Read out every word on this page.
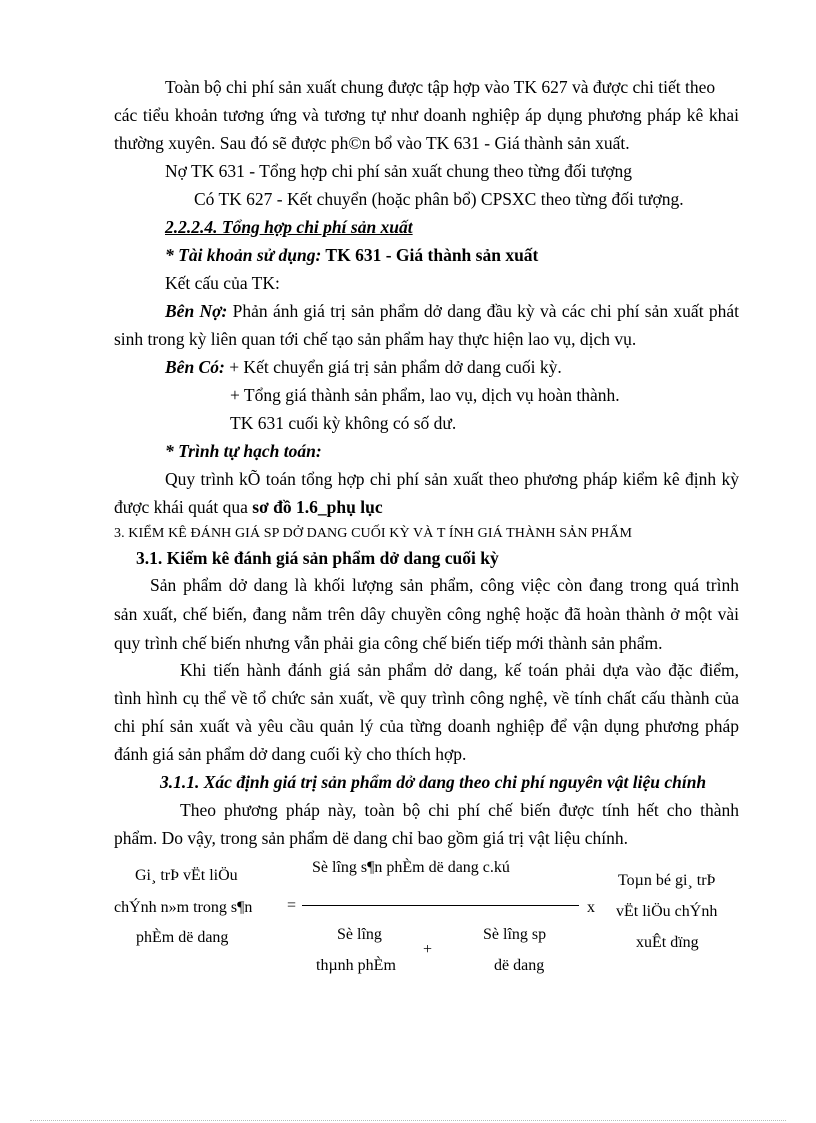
Toàn bộ chi phí sản xuất chung được tập hợp vào TK 627 và được chi tiết theo
các tiểu khoản tương ứng và tương tự như doanh nghiệp áp dụng phương pháp kê khai
thường xuyên. Sau đó sẽ được ph©n bổ vào TK 631 - Giá thành sản xuất.
Nợ TK 631 - Tổng hợp chi phí sản xuất chung theo từng đối tượng
Có TK 627 - Kết chuyển (hoặc phân bổ) CPSXC theo từng đối tượng.
2.2.2.4. Tổng hợp chi phí sản xuất
* Tài khoản sử dụng: TK 631 - Giá thành sản xuất
Kết cấu của TK:
Bên Nợ: Phản ánh giá trị sản phẩm dở dang đầu kỳ và các chi phí sản xuất phát
sinh trong kỳ liên quan tới chế tạo sản phẩm hay thực hiện lao vụ, dịch vụ.
Bên Có: + Kết chuyển giá trị sản phẩm dở dang cuối kỳ.
+ Tổng giá thành sản phẩm, lao vụ, dịch vụ hoàn thành.
TK 631 cuối kỳ không có số dư.
* Trình tự hạch toán:
Quy trình kÕ toán tổng hợp chi phí sản xuất theo phương pháp kiểm kê định kỳ
được khái quát qua sơ đồ 1.6_phụ lục
3. KIỂM KÊ ĐÁNH GIÁ SP DỞ DANG CUỐI KỲ VÀ T ÍNH GIÁ THÀNH SẢN PHẨM
3.1. Kiểm kê đánh giá sản phẩm dở dang cuối kỳ
Sản phẩm dở dang là khối lượng sản phẩm, công việc còn đang trong quá trình
sản xuất, chế biến, đang nằm trên dây chuyền công nghệ hoặc đã hoàn thành ở một vài
quy trình chế biến nhưng vẫn phải gia công chế biến tiếp mới thành sản phẩm.
Khi tiến hành đánh giá sản phẩm dở dang, kế toán phải dựa vào đặc điểm,
tình hình cụ thể về tổ chức sản xuất, về quy trình công nghệ, về tính chất cấu thành của
chi phí sản xuất và yêu cầu quản lý của từng doanh nghiệp để vận dụng phương pháp
đánh giá sản phẩm dở dang cuối kỳ cho thích hợp.
3.1.1. Xác định giá trị sản phẩm dở dang theo chi phí nguyên vật liệu chính
Theo phương pháp này, toàn bộ chi phí chế biến được tính hết cho thành
phẩm. Do vậy, trong sản phẩm dë dang chỉ bao gồm giá trị vật liệu chính.
Gi¸ trÞ vËt liÖu
chÝnh n»m trong s¶n
phÈm dë dang
=
Sè lîng s¶n phÈm dë dang c.kú
Sè lîng
thµnh phÈm
+
Sè lîng sp
dë dang
x
Toµn bé gi¸ trÞ
vËt liÖu chÝnh
xuÊt dïng
